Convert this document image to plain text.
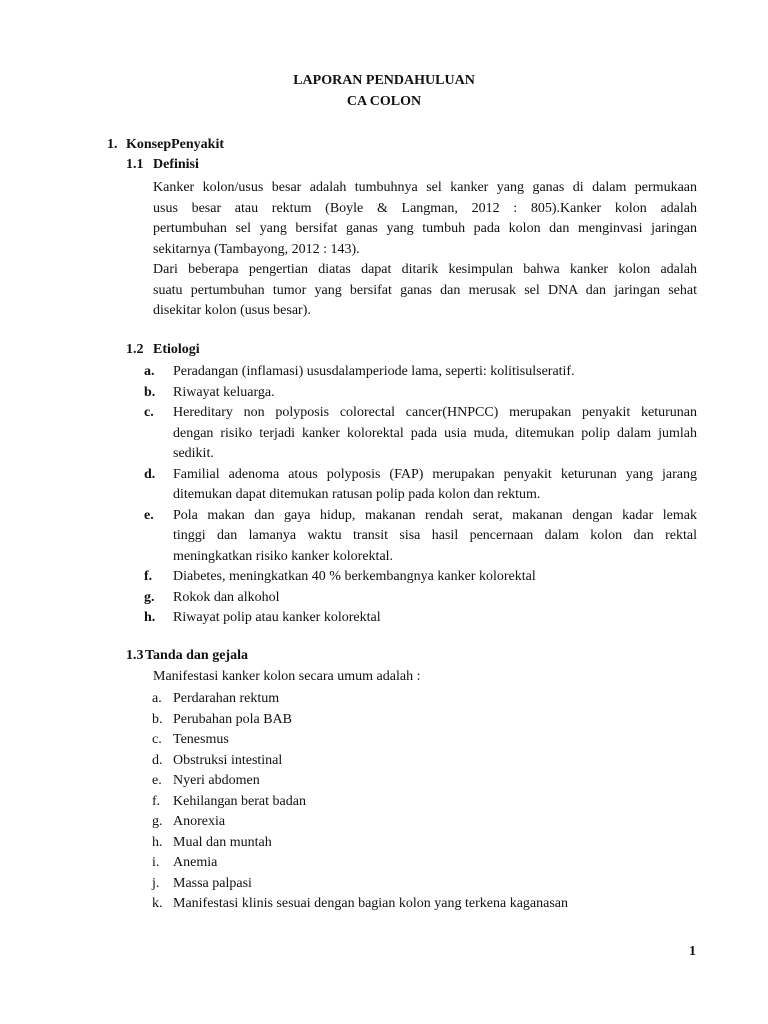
LAPORAN PENDAHULUAN
CA COLON
1. KonsepPenyakit
1.1 Definisi
Kanker kolon/usus besar adalah tumbuhnya sel kanker yang ganas di dalam permukaan
usus besar atau rektum (Boyle & Langman, 2012 : 805).Kanker kolon adalah
pertumbuhan sel yang bersifat ganas yang tumbuh pada kolon dan menginvasi jaringan
sekitarnya (Tambayong, 2012 : 143).
Dari beberapa pengertian diatas dapat ditarik kesimpulan bahwa kanker kolon adalah
suatu pertumbuhan tumor yang bersifat ganas dan merusak sel DNA dan jaringan sehat
disekitar kolon (usus besar).
1.2 Etiologi
a. Peradangan (inflamasi) ususdalamperiode lama, seperti: kolitisulseratif.
b. Riwayat keluarga.
c. Hereditary non polyposis colorectal cancer(HNPCC) merupakan penyakit keturunan
dengan risiko terjadi kanker kolorektal pada usia muda, ditemukan polip dalam jumlah
sedikit.
d. Familial adenoma atous polyposis (FAP) merupakan penyakit keturunan yang jarang
ditemukan dapat ditemukan ratusan polip pada kolon dan rektum.
e. Pola makan dan gaya hidup, makanan rendah serat, makanan dengan kadar lemak
tinggi dan lamanya waktu transit sisa hasil pencernaan dalam kolon dan rektal
meningkatkan risiko kanker kolorektal.
f. Diabetes, meningkatkan 40 % berkembangnya kanker kolorektal
g. Rokok dan alkohol
h. Riwayat polip atau kanker kolorektal
1.3 Tanda dan gejala
Manifestasi kanker kolon secara umum adalah :
a. Perdarahan rektum
b. Perubahan pola BAB
c. Tenesmus
d. Obstruksi intestinal
e. Nyeri abdomen
f. Kehilangan berat badan
g. Anorexia
h. Mual dan muntah
i. Anemia
j. Massa palpasi
k. Manifestasi klinis sesuai dengan bagian kolon yang terkena kaganasan
1
